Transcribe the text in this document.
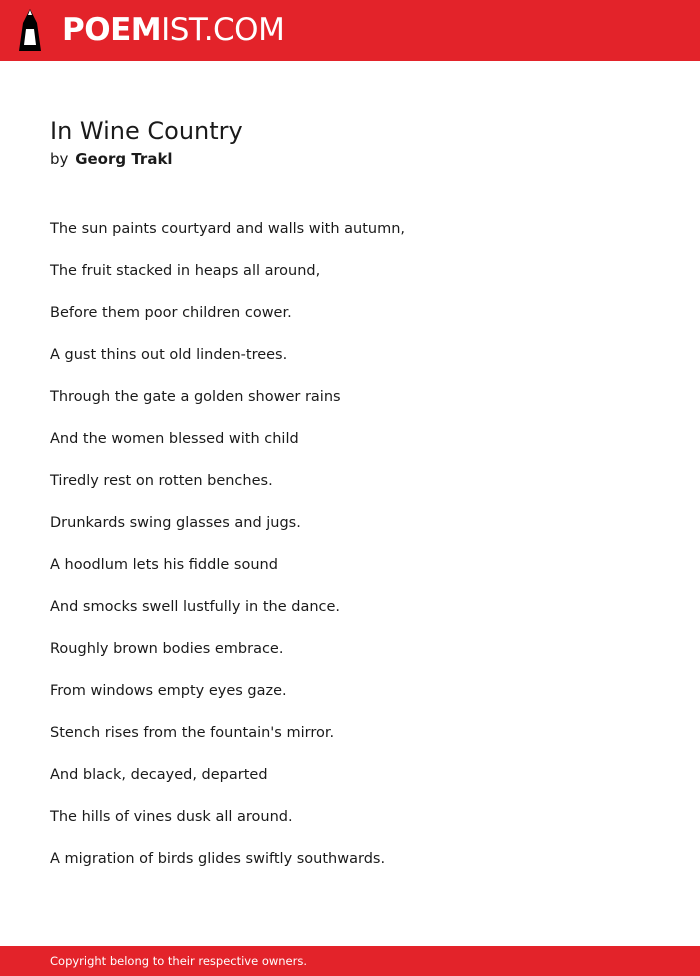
POEMIST.COM
In Wine Country
by Georg Trakl
The sun paints courtyard and walls with autumn,
The fruit stacked in heaps all around,
Before them poor children cower.
A gust thins out old linden-trees.
Through the gate a golden shower rains
And the women blessed with child
Tiredly rest on rotten benches.
Drunkards swing glasses and jugs.
A hoodlum lets his fiddle sound
And smocks swell lustfully in the dance.
Roughly brown bodies embrace.
From windows empty eyes gaze.
Stench rises from the fountain's mirror.
And black, decayed, departed
The hills of vines dusk all around.
A migration of birds glides swiftly southwards.
Copyright belong to their respective owners.
